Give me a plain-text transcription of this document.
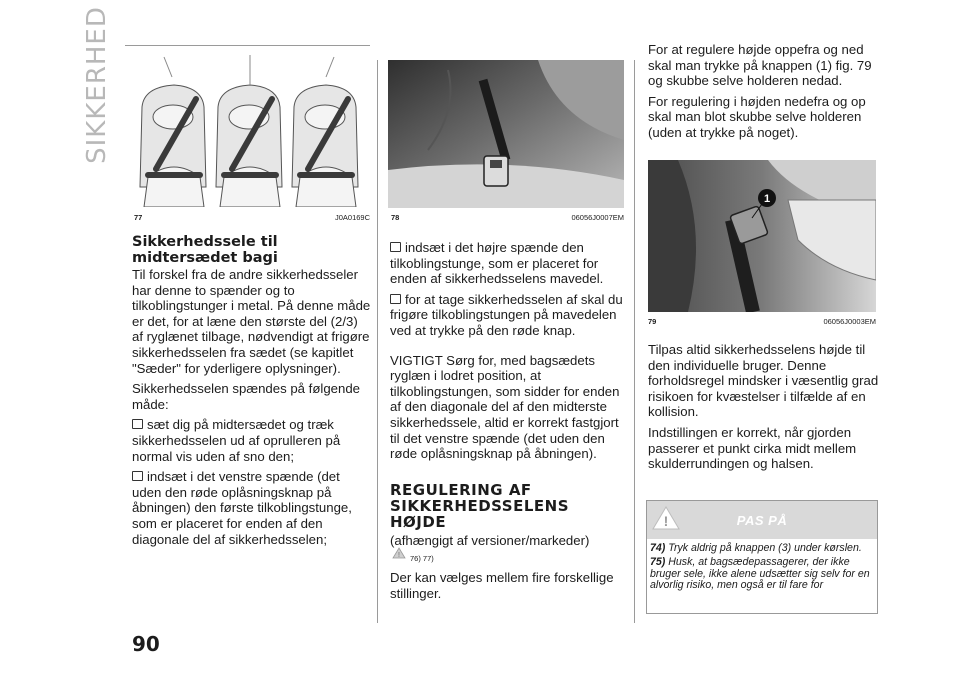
SIKKERHED
90
77	J0A0169C
Sikkerhedssele til midtersædet bagi

Til forskel fra de andre sikkerhedsseler har denne to spænder og to tilkoblingstunger i metal. På denne måde er det, for at læne den største del (2/3) af ryglænet tilbage, nødvendigt at frigøre sikkerhedsselen fra sædet (se kapitlet "Sæder" for yderligere oplysninger).

Sikkerhedsselen spændes på følgende måde:

sæt dig på midtersædet og træk sikkerhedsselen ud af oprulleren på normal vis uden af sno den;

indsæt i det venstre spænde (det uden den røde oplåsningsknap på åbningen) den første tilkoblingstunge, som er placeret for enden af den diagonale del af sikkerhedsselen;

78	06056J0007EM

indsæt i det højre spænde den tilkoblingstunge, som er placeret for enden af sikkerhedsselens mavedel.

for at tage sikkerhedsselen af skal du frigøre tilkoblingstungen på mavedelen ved at trykke på den røde knap.

VIGTIGT Sørg for, med bagsædets ryglæn i lodret position, at tilkoblingstungen, som sidder for enden af den diagonale del af den midterste sikkerhedssele, altid er korrekt fastgjort til det venstre spænde (det uden den røde oplåsningsknap på åbningen).

REGULERING AF SIKKERHEDSSELENS HØJDE

(afhængigt af versioner/markeder)

! 76) 77)

Der kan vælges mellem fire forskellige stillinger.

For at regulere højde oppefra og ned skal man trykke på knappen (1) fig. 79 og skubbe selve holderen nedad.

For regulering i højden nedefra og op skal man blot skubbe selve holderen (uden at trykke på noget).

1
79	06056J0003EM

Tilpas altid sikkerhedsselens højde til den individuelle bruger. Denne forholdsregel mindsker i væsentlig grad risikoen for kvæstelser i tilfælde af en kollision.

Indstillingen er korrekt, når gjorden passerer et punkt cirka midt mellem skulderrundingen og halsen.

!	PAS PÅ

74) Tryk aldrig på knappen (3) under kørslen.

75) Husk, at bagsædepassagerer, der ikke bruger sele, ikke alene udsætter sig selv for en alvorlig risiko, men også er til fare for
